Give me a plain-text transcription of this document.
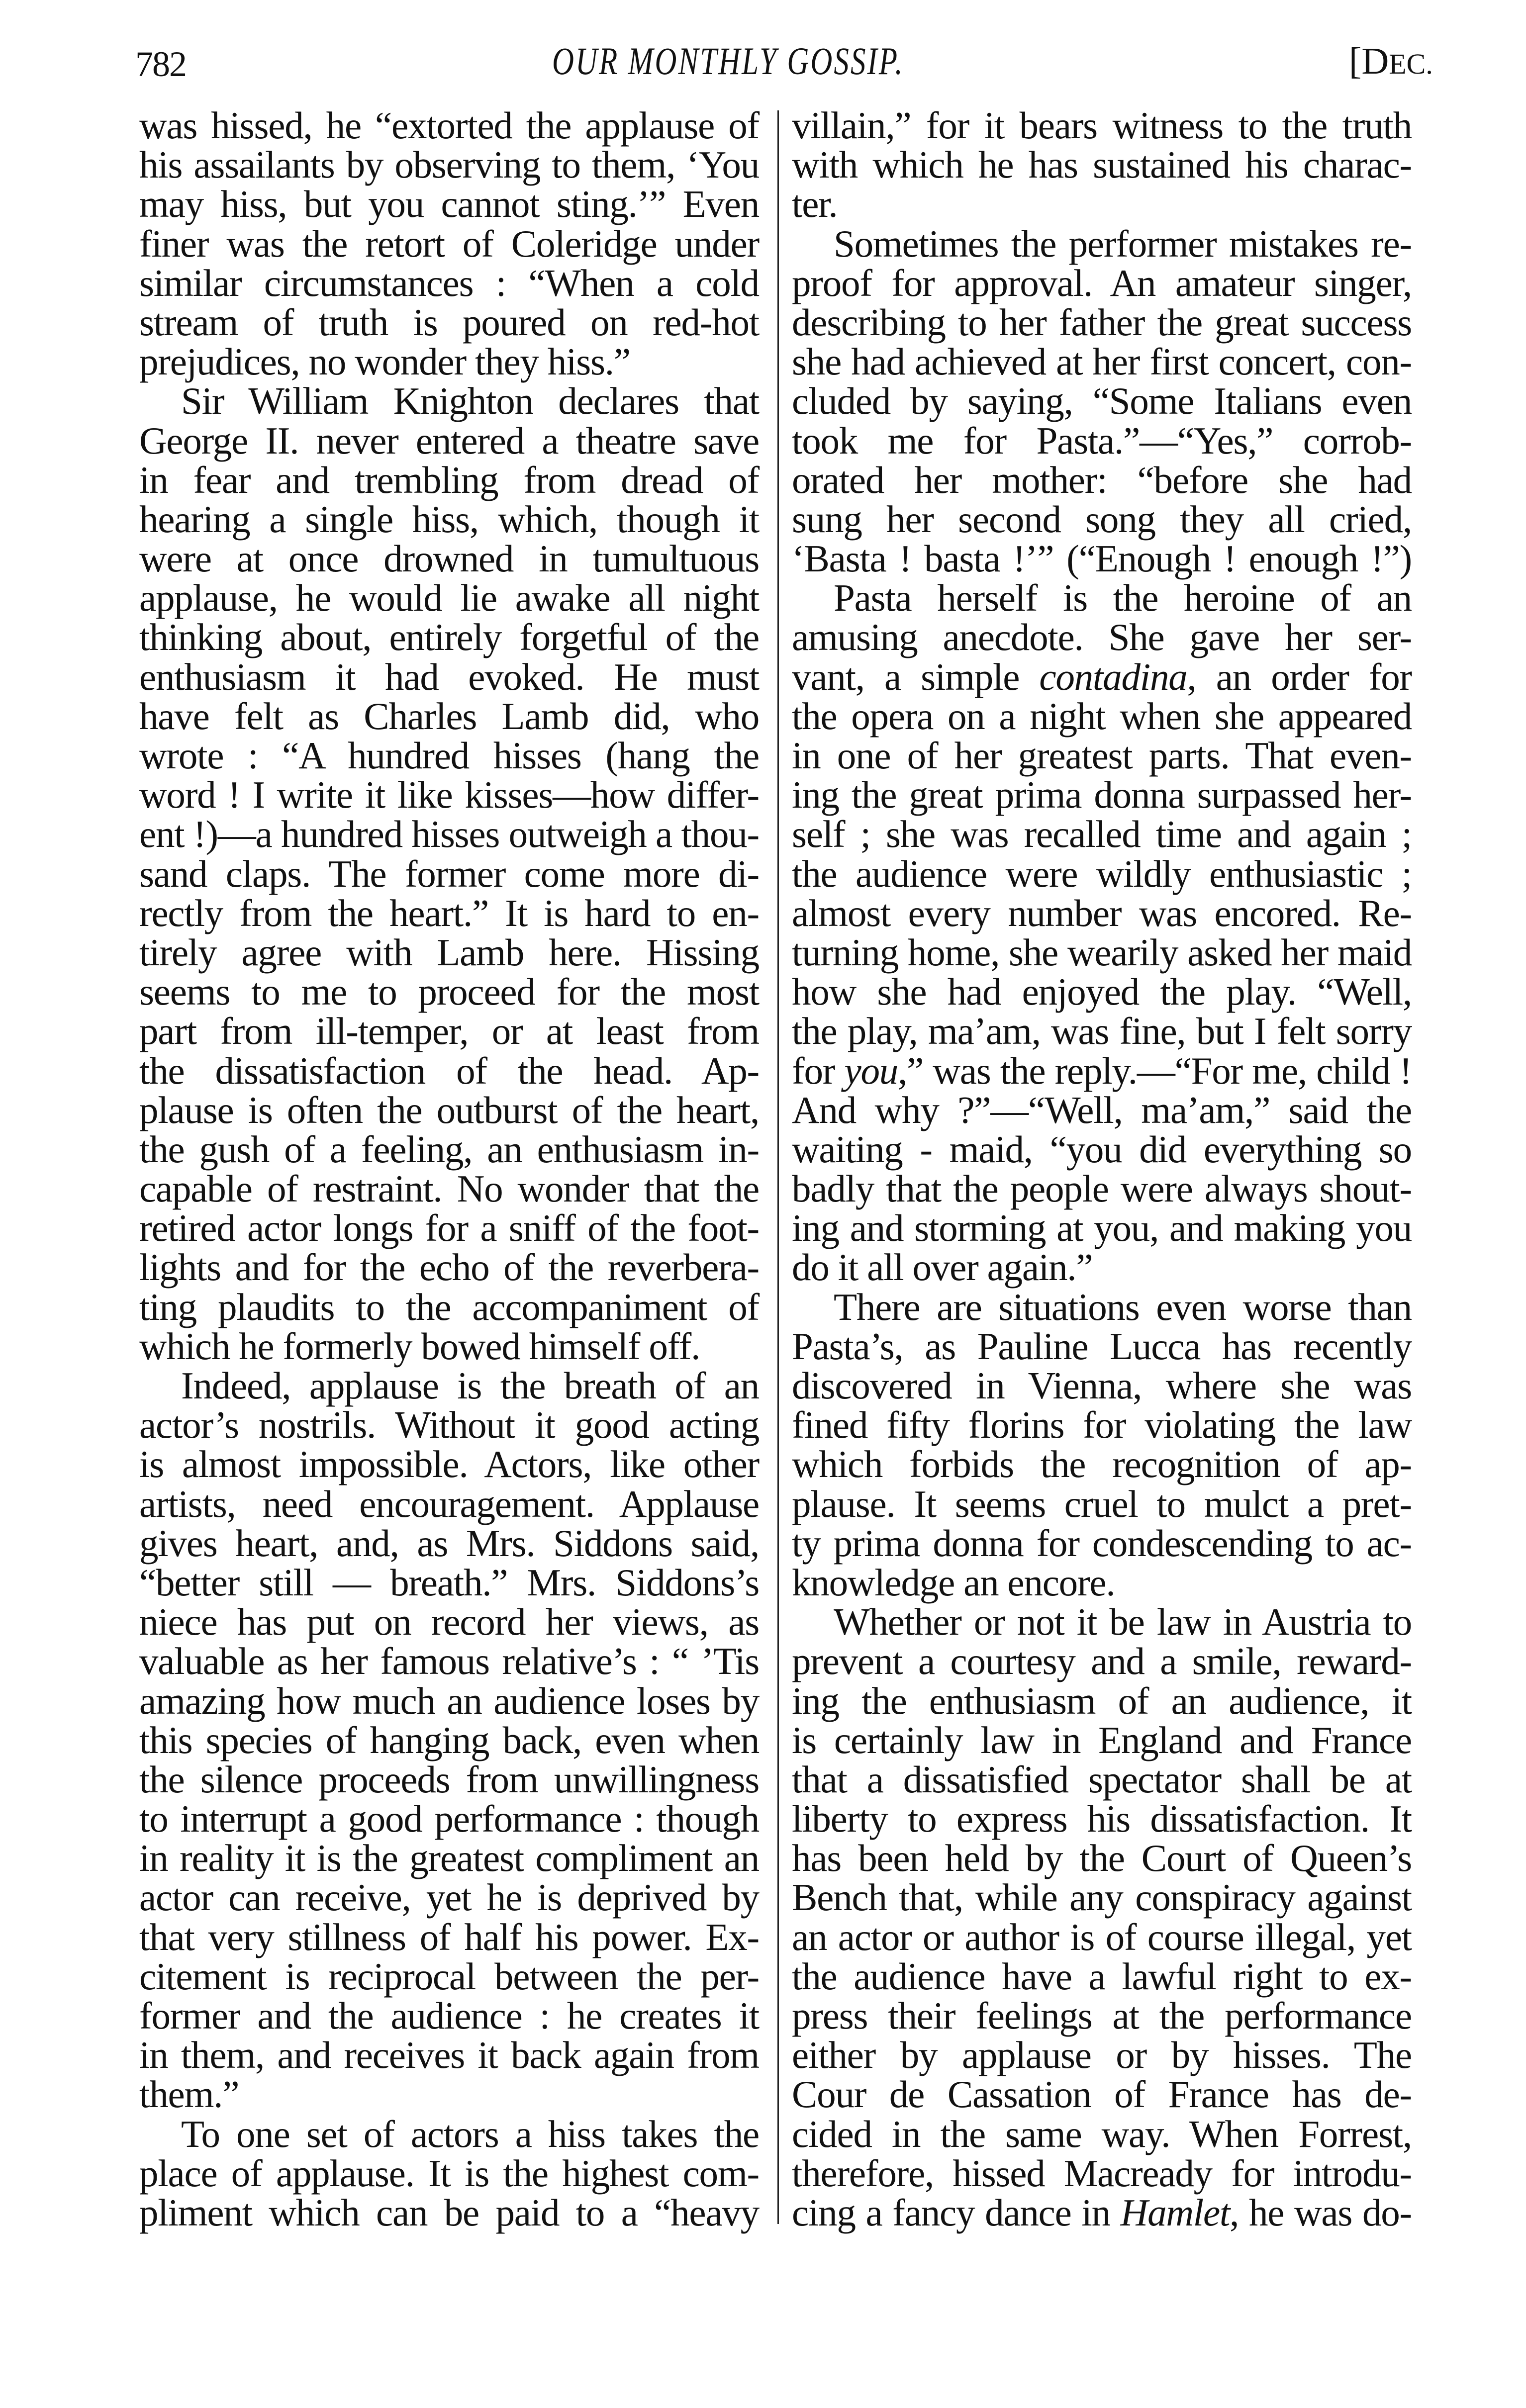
782	OUR MONTHLY GOSSIP.	[DEC.
was hissed, he “extorted the applause of
his assailants by observing to them, ‘You
may hiss, but you cannot sting.’” Even
finer was the retort of Coleridge under
similar circumstances : “When a cold
stream of truth is poured on red-hot
prejudices, no wonder they hiss.”
Sir William Knighton declares that
George II. never entered a theatre save
in fear and trembling from dread of
hearing a single hiss, which, though it
were at once drowned in tumultuous
applause, he would lie awake all night
thinking about, entirely forgetful of the
enthusiasm it had evoked. He must
have felt as Charles Lamb did, who
wrote : “A hundred hisses (hang the
word ! I write it like kisses—how differ-
ent !)—a hundred hisses outweigh a thou-
sand claps. The former come more di-
rectly from the heart.” It is hard to en-
tirely agree with Lamb here. Hissing
seems to me to proceed for the most
part from ill-temper, or at least from
the dissatisfaction of the head. Ap-
plause is often the outburst of the heart,
the gush of a feeling, an enthusiasm in-
capable of restraint. No wonder that the
retired actor longs for a sniff of the foot-
lights and for the echo of the reverbera-
ting plaudits to the accompaniment of
which he formerly bowed himself off.
Indeed, applause is the breath of an
actor’s nostrils. Without it good acting
is almost impossible. Actors, like other
artists, need encouragement. Applause
gives heart, and, as Mrs. Siddons said,
“better still — breath.” Mrs. Siddons’s
niece has put on record her views, as
valuable as her famous relative’s : “ ’Tis
amazing how much an audience loses by
this species of hanging back, even when
the silence proceeds from unwillingness
to interrupt a good performance : though
in reality it is the greatest compliment an
actor can receive, yet he is deprived by
that very stillness of half his power. Ex-
citement is reciprocal between the per-
former and the audience : he creates it
in them, and receives it back again from
them.”
To one set of actors a hiss takes the
place of applause. It is the highest com-
pliment which can be paid to a “heavy
villain,” for it bears witness to the truth
with which he has sustained his charac-
ter.
Sometimes the performer mistakes re-
proof for approval. An amateur singer,
describing to her father the great success
she had achieved at her first concert, con-
cluded by saying, “Some Italians even
took me for Pasta.”—“Yes,” corrob-
orated her mother: “before she had
sung her second song they all cried,
‘Basta ! basta !’” (“Enough ! enough !”)
Pasta herself is the heroine of an
amusing anecdote. She gave her ser-
vant, a simple contadina, an order for
the opera on a night when she appeared
in one of her greatest parts. That even-
ing the great prima donna surpassed her-
self ; she was recalled time and again ;
the audience were wildly enthusiastic ;
almost every number was encored. Re-
turning home, she wearily asked her maid
how she had enjoyed the play. “Well,
the play, ma’am, was fine, but I felt sorry
for you,” was the reply.—“For me, child !
And why ?”—“Well, ma’am,” said the
waiting - maid, “you did everything so
badly that the people were always shout-
ing and storming at you, and making you
do it all over again.”
There are situations even worse than
Pasta’s, as Pauline Lucca has recently
discovered in Vienna, where she was
fined fifty florins for violating the law
which forbids the recognition of ap-
plause. It seems cruel to mulct a pret-
ty prima donna for condescending to ac-
knowledge an encore.
Whether or not it be law in Austria to
prevent a courtesy and a smile, reward-
ing the enthusiasm of an audience, it
is certainly law in England and France
that a dissatisfied spectator shall be at
liberty to express his dissatisfaction. It
has been held by the Court of Queen’s
Bench that, while any conspiracy against
an actor or author is of course illegal, yet
the audience have a lawful right to ex-
press their feelings at the performance
either by applause or by hisses. The
Cour de Cassation of France has de-
cided in the same way. When Forrest,
therefore, hissed Macready for introdu-
cing a fancy dance in Hamlet, he was do-
